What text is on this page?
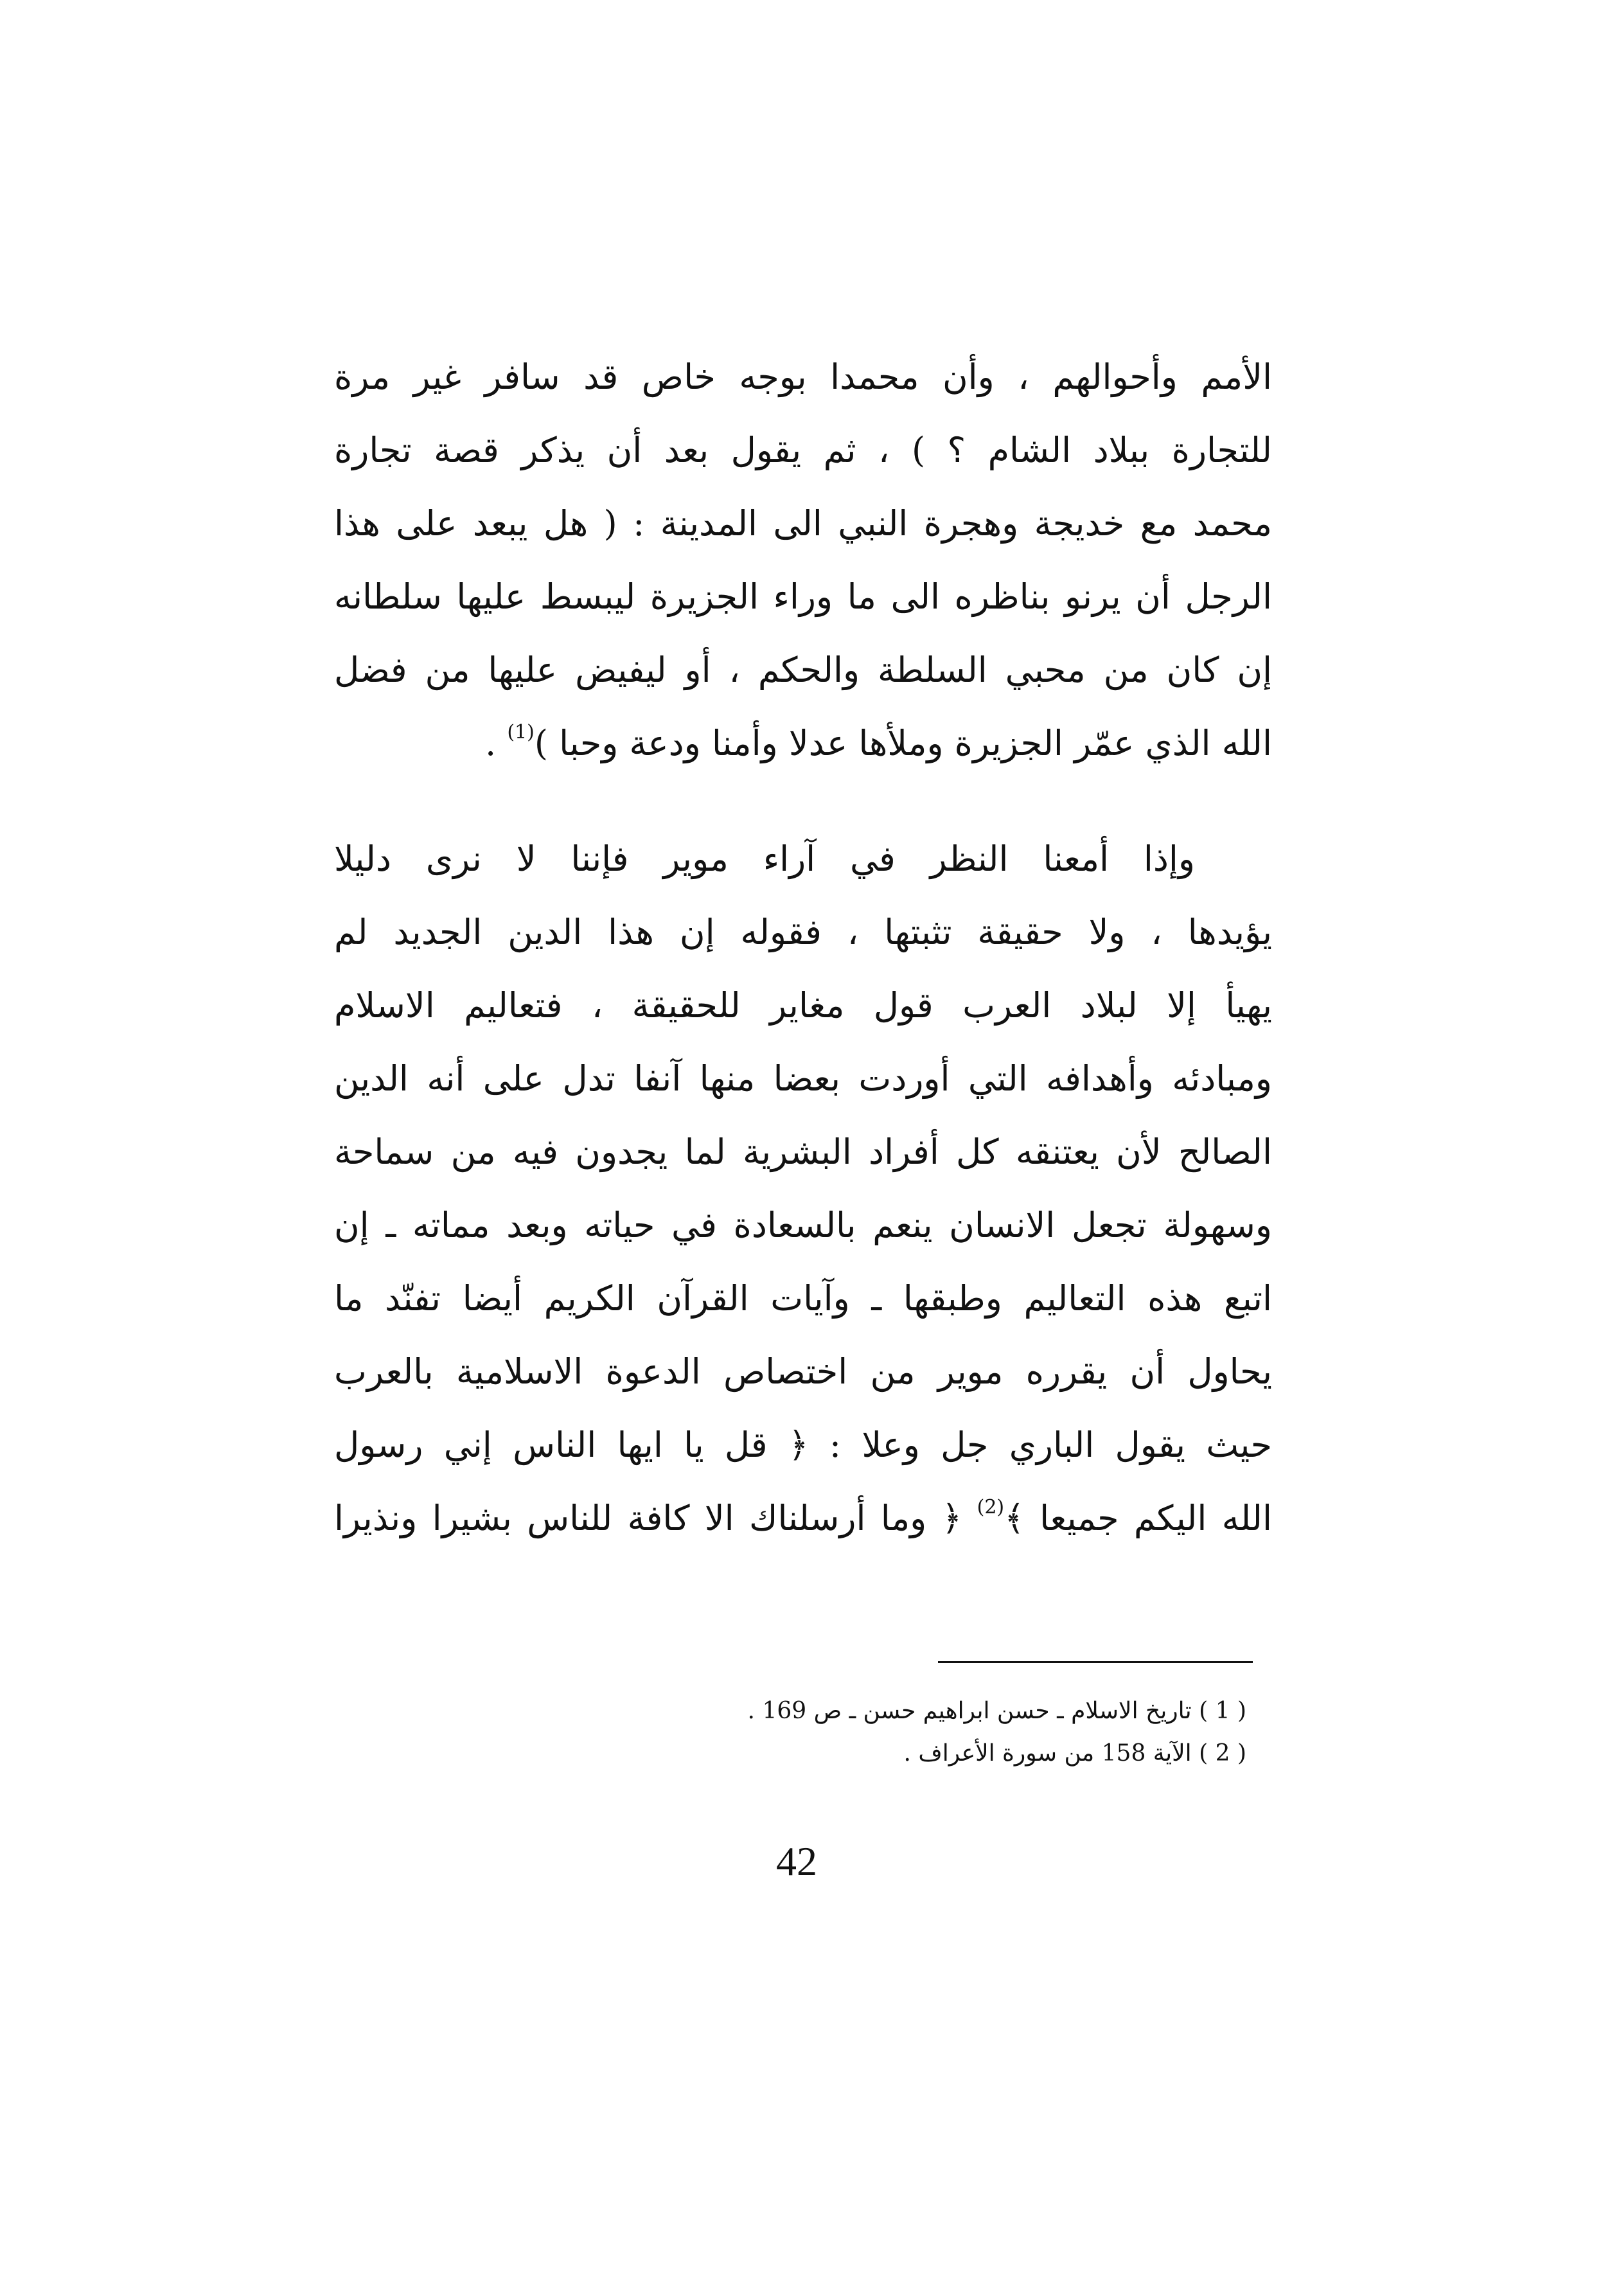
الأمم وأحوالهم ، وأن محمدا بوجه خاص قد سافر غير مرة
للتجارة ببلاد الشام ؟ ) ، ثم يقول بعد أن يذكر قصة تجارة
محمد مع خديجة وهجرة النبي الى المدينة : ( هل يبعد على هذا
الرجل أن يرنو بناظره الى ما وراء الجزيرة ليبسط عليها سلطانه
إن كان من محبي السلطة والحكم ، أو ليفيض عليها من فضل
الله الذي عمّر الجزيرة وملأها عدلا وأمنا ودعة وحبا )$^{(1)}$ .
وإذا أمعنا النظر في آراء موير فإننا لا نرى دليلا
يؤيدها ، ولا حقيقة تثبتها ، فقوله إن هذا الدين الجديد لم
يهيأ إلا لبلاد العرب قول مغاير للحقيقة ، فتعاليم الاسلام
ومبادئه وأهدافه التي أوردت بعضا منها آنفا تدل على أنه الدين
الصالح لأن يعتنقه كل أفراد البشرية لما يجدون فيه من سماحة
وسهولة تجعل الانسان ينعم بالسعادة في حياته وبعد مماته ـ إن
اتبع هذه التعاليم وطبقها ـ وآيات القرآن الكريم أيضا تفنّد ما
يحاول أن يقرره موير من اختصاص الدعوة الاسلامية بالعرب
حيث يقول الباري جل وعلا : ﴿ قل يا ايها الناس إني رسول
الله اليكم جميعا ﴾$^{(2)}$ ﴿ وما أرسلناك الا كافة للناس بشيرا ونذيرا
( 1 ) تاريخ الاسلام ـ حسن ابراهيم حسن ـ ص 169 .
( 2 ) الآية 158 من سورة الأعراف .
42
